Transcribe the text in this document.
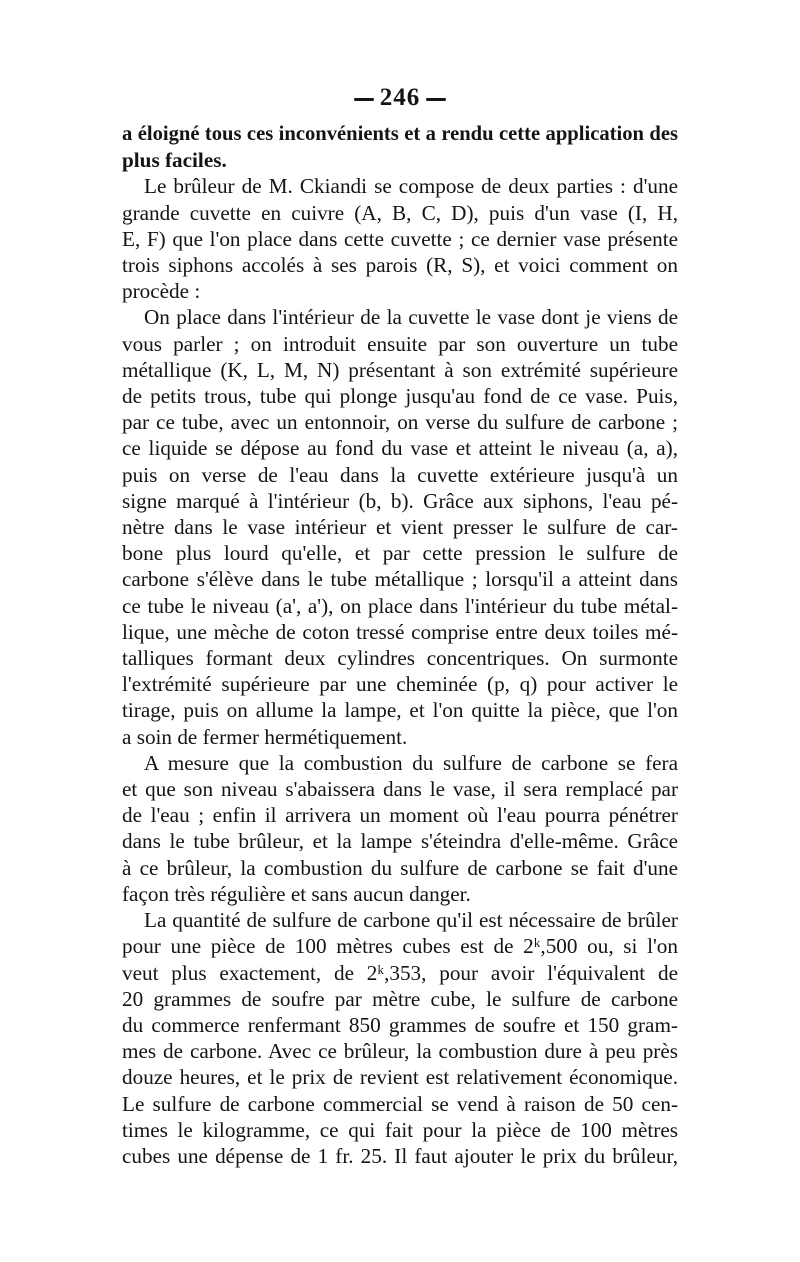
246
a éloigné tous ces inconvénients et a rendu cette application des
plus faciles.
Le brûleur de M. Ckiandi se compose de deux parties : d'une
grande cuvette en cuivre (A, B, C, D), puis d'un vase (I, H,
E, F) que l'on place dans cette cuvette ; ce dernier vase présente
trois siphons accolés à ses parois (R, S), et voici comment on
procède :
On place dans l'intérieur de la cuvette le vase dont je viens de
vous parler ; on introduit ensuite par son ouverture un tube
métallique (K, L, M, N) présentant à son extrémité supérieure
de petits trous, tube qui plonge jusqu'au fond de ce vase. Puis,
par ce tube, avec un entonnoir, on verse du sulfure de carbone ;
ce liquide se dépose au fond du vase et atteint le niveau (a, a),
puis on verse de l'eau dans la cuvette extérieure jusqu'à un
signe marqué à l'intérieur (b, b). Grâce aux siphons, l'eau pé-
nètre dans le vase intérieur et vient presser le sulfure de car-
bone plus lourd qu'elle, et par cette pression le sulfure de
carbone s'élève dans le tube métallique ; lorsqu'il a atteint dans
ce tube le niveau (a', a'), on place dans l'intérieur du tube métal-
lique, une mèche de coton tressé comprise entre deux toiles mé-
talliques formant deux cylindres concentriques. On surmonte
l'extrémité supérieure par une cheminée (p, q) pour activer le
tirage, puis on allume la lampe, et l'on quitte la pièce, que l'on
a soin de fermer hermétiquement.
A mesure que la combustion du sulfure de carbone se fera
et que son niveau s'abaissera dans le vase, il sera remplacé par
de l'eau ; enfin il arrivera un moment où l'eau pourra pénétrer
dans le tube brûleur, et la lampe s'éteindra d'elle-même. Grâce
à ce brûleur, la combustion du sulfure de carbone se fait d'une
façon très régulière et sans aucun danger.
La quantité de sulfure de carbone qu'il est nécessaire de brûler
pour une pièce de 100 mètres cubes est de 2ᵏ,500 ou, si l'on
veut plus exactement, de 2ᵏ,353, pour avoir l'équivalent de
20 grammes de soufre par mètre cube, le sulfure de carbone
du commerce renfermant 850 grammes de soufre et 150 gram-
mes de carbone. Avec ce brûleur, la combustion dure à peu près
douze heures, et le prix de revient est relativement économique.
Le sulfure de carbone commercial se vend à raison de 50 cen-
times le kilogramme, ce qui fait pour la pièce de 100 mètres
cubes une dépense de 1 fr. 25. Il faut ajouter le prix du brûleur,
